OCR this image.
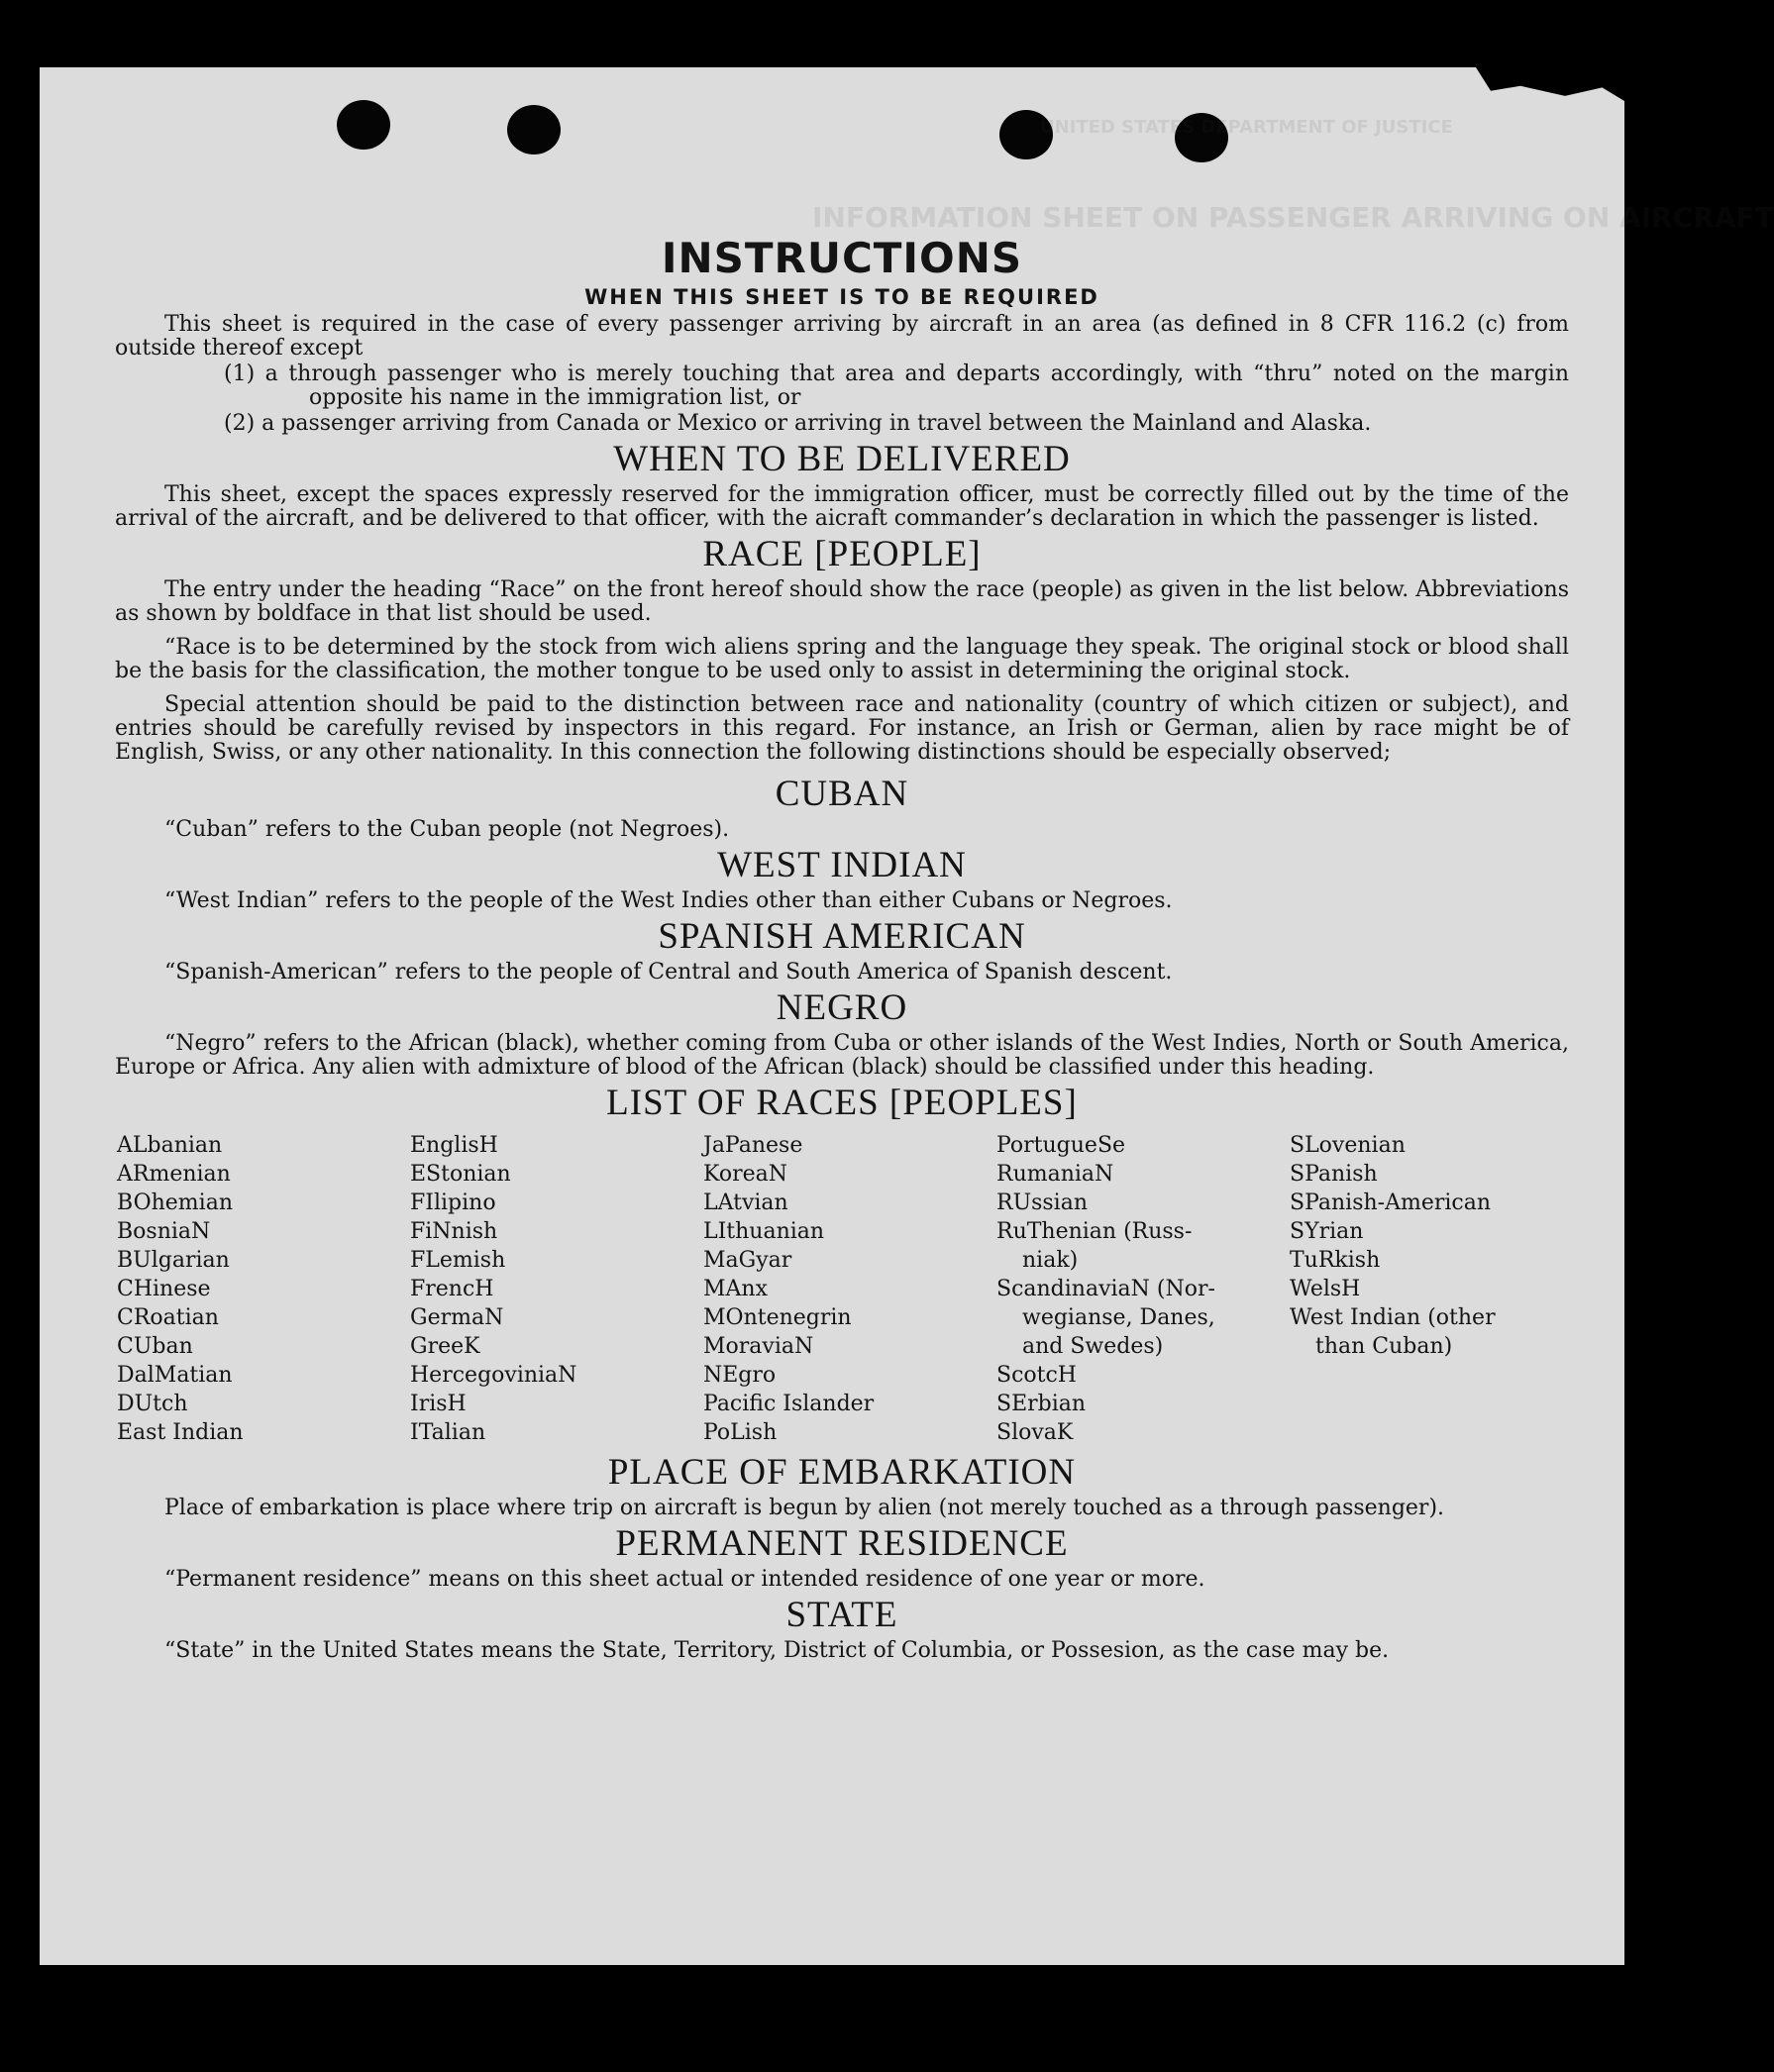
UNITED STATES DEPARTMENT OF JUSTICE
INFORMATION SHEET ON PASSENGER ARRIVING ON AIRCRAFT
INSTRUCTIONS
WHEN THIS SHEET IS TO BE REQUIRED

This sheet is required in the case of every passenger arriving by aircraft in an area (as defined in 8 CFR 116.2 (c) from outside thereof except

(1) a through passenger who is merely touching that area and departs accordingly, with “thru” noted on the margin opposite his name in the immigration list, or

(2) a passenger arriving from Canada or Mexico or arriving in travel between the Mainland and Alaska.

WHEN TO BE DELIVERED

This sheet, except the spaces expressly reserved for the immigration officer, must be correctly filled out by the time of the arrival of the aircraft, and be delivered to that officer, with the aicraft commander’s declaration in which the passenger is listed.

RACE [PEOPLE]

The entry under the heading “Race” on the front hereof should show the race (people) as given in the list below. Abbreviations as shown by boldface in that list should be used.

“Race is to be determined by the stock from wich aliens spring and the language they speak. The original stock or blood shall be the basis for the classification, the mother tongue to be used only to assist in determining the original stock.

Special attention should be paid to the distinction between race and nationality (country of which citizen or subject), and entries should be carefully revised by inspectors in this regard. For instance, an Irish or German, alien by race might be of English, Swiss, or any other nationality. In this connection the following distinctions should be especially observed;

CUBAN

“Cuban” refers to the Cuban people (not Negroes).

WEST INDIAN

“West Indian” refers to the people of the West Indies other than either Cubans or Negroes.

SPANISH AMERICAN

“Spanish-American” refers to the people of Central and South America of Spanish descent.

NEGRO

“Negro” refers to the African (black), whether coming from Cuba or other islands of the West Indies, North or South America, Europe or Africa. Any alien with admixture of blood of the African (black) should be classified under this heading.

LIST OF RACES [PEOPLES]
ALbanian
ARmenian
BOhemian
BosniaN
BUlgarian
CHinese
CRoatian
CUban
DalMatian
DUtch
East Indian
EnglisH
EStonian
FIlipino
FiNnish
FLemish
FrencH
GermaN
GreeK
HercegoviniaN
IrisH
ITalian
JaPanese
KoreaN
LAtvian
LIthuanian
MaGyar
MAnx
MOntenegrin
MoraviaN
NEgro
Pacific Islander
PoLish
PortugueSe
RumaniaN
RUssian
RuThenian (Russ-
niak)
ScandinaviaN (Nor-
wegianse, Danes,
and Swedes)
ScotcH
SErbian
SlovaK
SLovenian
SPanish
SPanish-American
SYrian
TuRkish
WelsH
West Indian (other
than Cuban)
PLACE OF EMBARKATION

Place of embarkation is place where trip on aircraft is begun by alien (not merely touched as a through passenger).

PERMANENT RESIDENCE

“Permanent residence” means on this sheet actual or intended residence of one year or more.

STATE

“State” in the United States means the State, Territory, District of Columbia, or Possesion, as the case may be.
